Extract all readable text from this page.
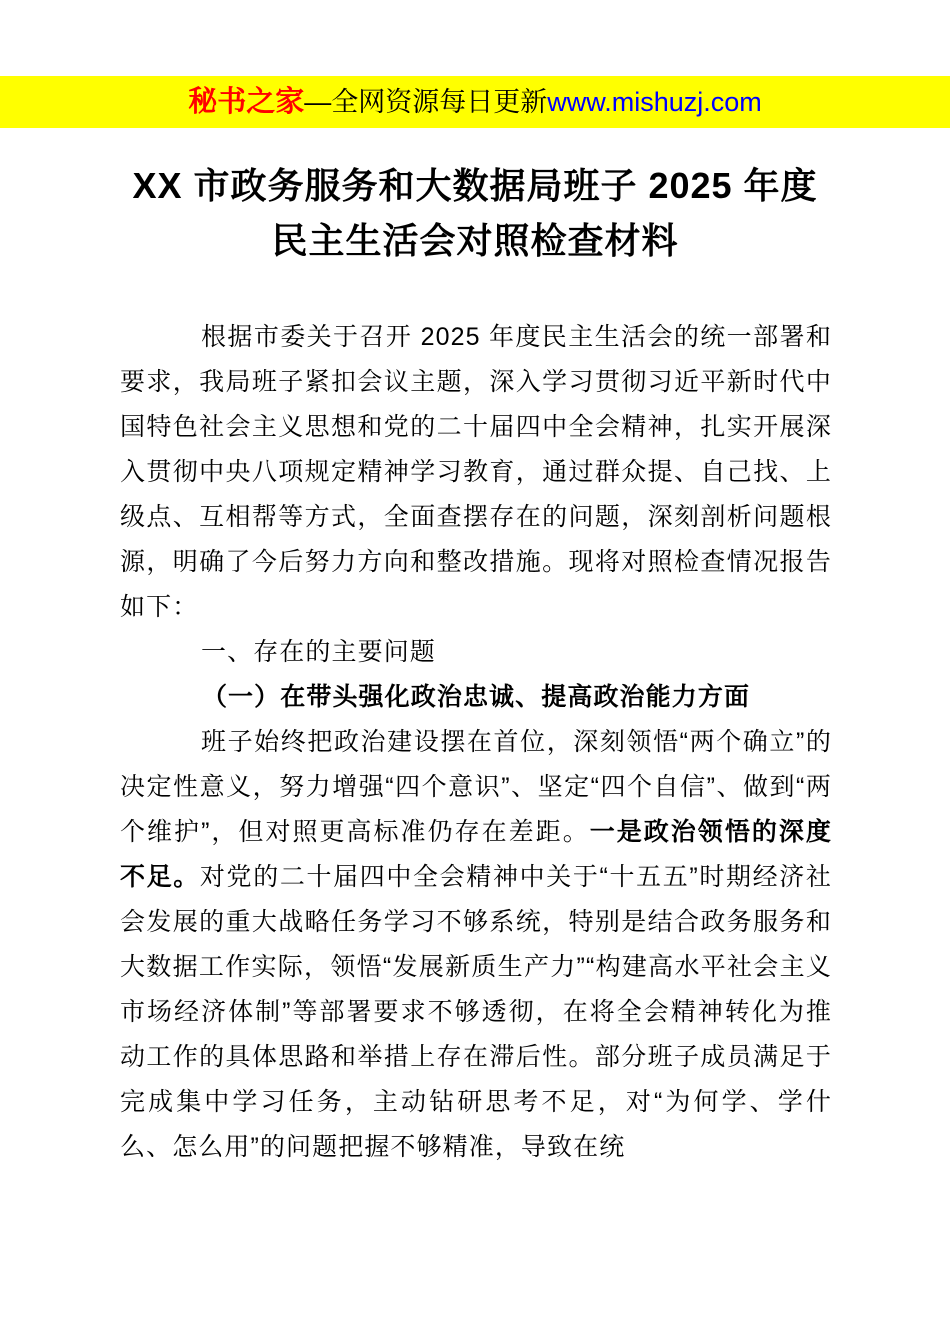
秘书之家 —全网资源每日更新 www.mishuzj.com
XX 市政务服务和大数据局班子 2025 年度
民主生活会对照检查材料
根据市委关于召开 2025 年度民主生活会的统一部署和要求，我局班子紧扣会议主题，深入学习贯彻习近平新时代中国特色社会主义思想和党的二十届四中全会精神，扎实开展深入贯彻中央八项规定精神学习教育，通过群众提、自己找、上级点、互相帮等方式，全面查摆存在的问题，深刻剖析问题根源，明确了今后努力方向和整改措施。现将对照检查情况报告如下：
一、存在的主要问题
（一）在带头强化政治忠诚、提高政治能力方面
班子始终把政治建设摆在首位，深刻领悟“两个确立”的决定性意义，努力增强“四个意识”、坚定“四个自信”、做到“两个维护”，但对照更高标准仍存在差距。一是政治领悟的深度不足。对党的二十届四中全会精神中关于“十五五”时期经济社会发展的重大战略任务学习不够系统，特别是结合政务服务和大数据工作实际，领悟“发展新质生产力”“构建高水平社会主义市场经济体制”等部署要求不够透彻，在将全会精神转化为推动工作的具体思路和举措上存在滞后性。部分班子成员满足于完成集中学习任务，主动钻研思考不足，对“为何学、学什么、怎么用”的问题把握不够精准，导致在统
